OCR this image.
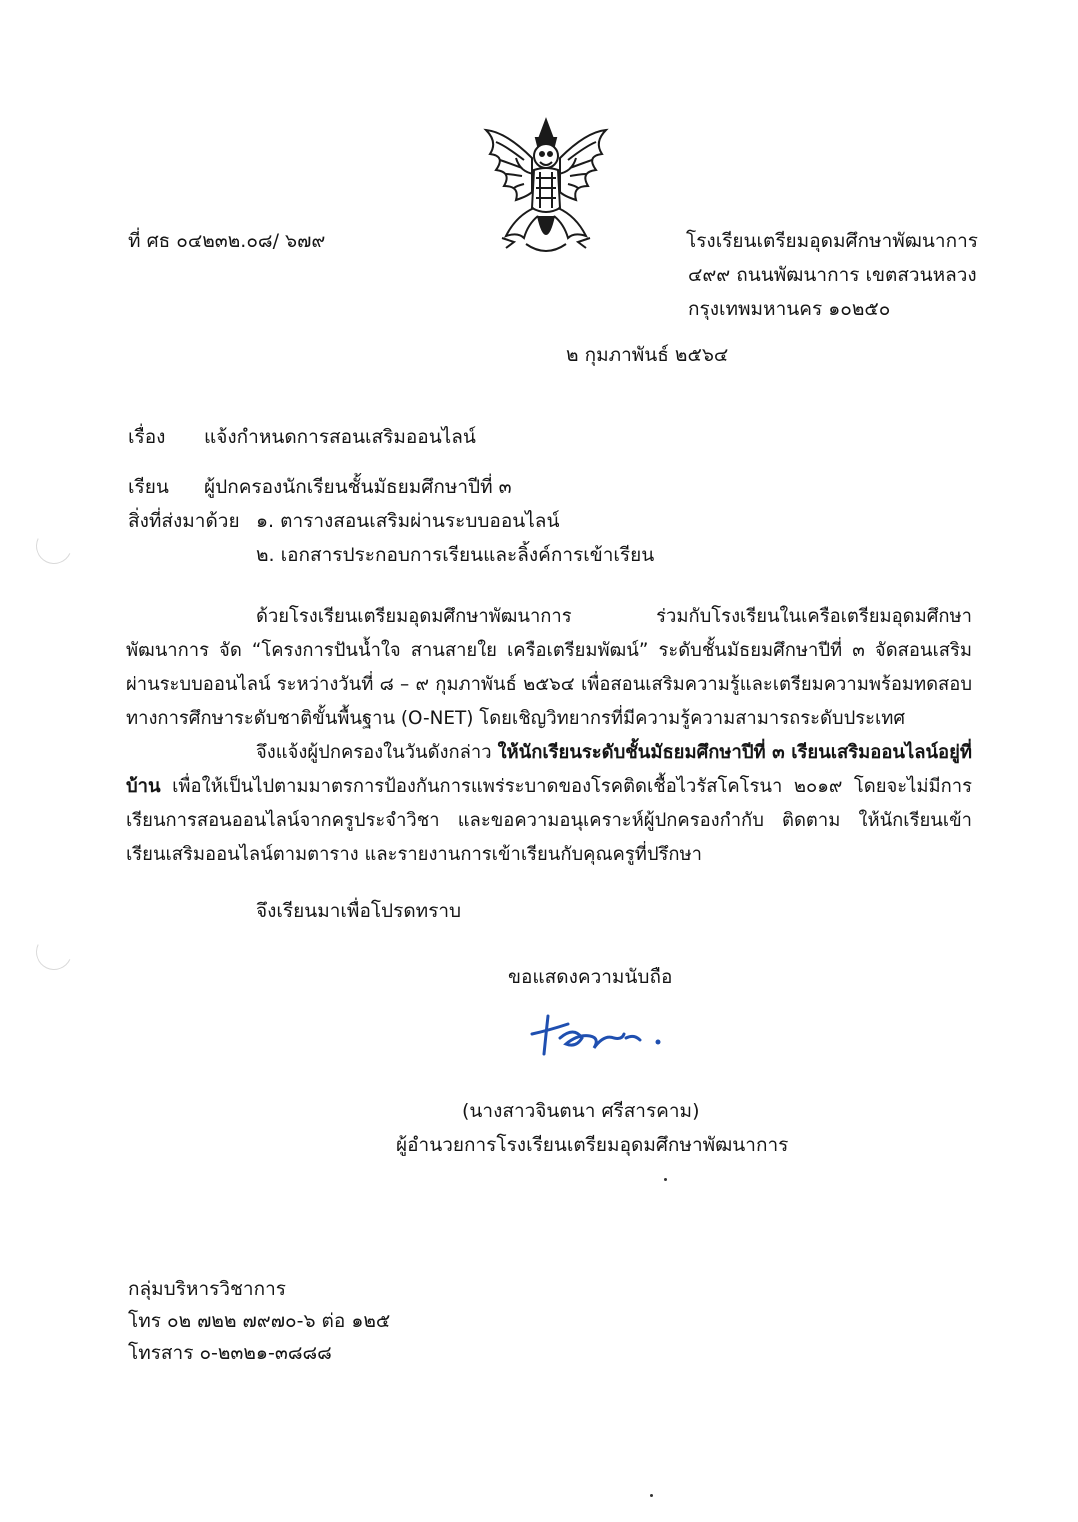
ที่ ศธ ๐๔๒๓๒.๐๘/ ๖๗๙	โรงเรียนเตรียมอุดมศึกษาพัฒนาการ
๔๙๙ ถนนพัฒนาการ เขตสวนหลวง
กรุงเทพมหานคร ๑๐๒๕๐
๒ กุมภาพันธ์ ๒๕๖๔
เรื่อง แจ้งกำหนดการสอนเสริมออนไลน์
เรียน ผู้ปกครองนักเรียนชั้นมัธยมศึกษาปีที่ ๓
สิ่งที่ส่งมาด้วย ๑. ตารางสอนเสริมผ่านระบบออนไลน์
๒. เอกสารประกอบการเรียนและลิ้งค์การเข้าเรียน
ด้วยโรงเรียนเตรียมอุดมศึกษาพัฒนาการ ร่วมกับโรงเรียนในเครือเตรียมอุดมศึกษาพัฒนาการ จัด “โครงการปันน้ำใจ สานสายใย เครือเตรียมพัฒน์” ระดับชั้นมัธยมศึกษาปีที่ ๓ จัดสอนเสริมผ่านระบบออนไลน์ ระหว่างวันที่ ๘ – ๙ กุมภาพันธ์ ๒๕๖๔ เพื่อสอนเสริมความรู้และเตรียมความพร้อมทดสอบทางการศึกษาระดับชาติขั้นพื้นฐาน (O-NET) โดยเชิญวิทยากรที่มีความรู้ความสามารถระดับประเทศ
จึงแจ้งผู้ปกครองในวันดังกล่าว ให้นักเรียนระดับชั้นมัธยมศึกษาปีที่ ๓ เรียนเสริมออนไลน์อยู่ที่บ้าน เพื่อให้เป็นไปตามมาตรการป้องกันการแพร่ระบาดของโรคติดเชื้อไวรัสโคโรนา ๒๐๑๙ โดยจะไม่มีการเรียนการสอนออนไลน์จากครูประจำวิชา และขอความอนุเคราะห์ผู้ปกครองกำกับ ติดตาม ให้นักเรียนเข้าเรียนเสริมออนไลน์ตามตาราง และรายงานการเข้าเรียนกับคุณครูที่ปรึกษา
จึงเรียนมาเพื่อโปรดทราบ
ขอแสดงความนับถือ
(นางสาวจินตนา ศรีสารคาม)
ผู้อำนวยการโรงเรียนเตรียมอุดมศึกษาพัฒนาการ
กลุ่มบริหารวิชาการ
โทร ๐๒ ๗๒๒ ๗๙๗๐-๖ ต่อ ๑๒๕
โทรสาร ๐-๒๓๒๑-๓๘๘๘
